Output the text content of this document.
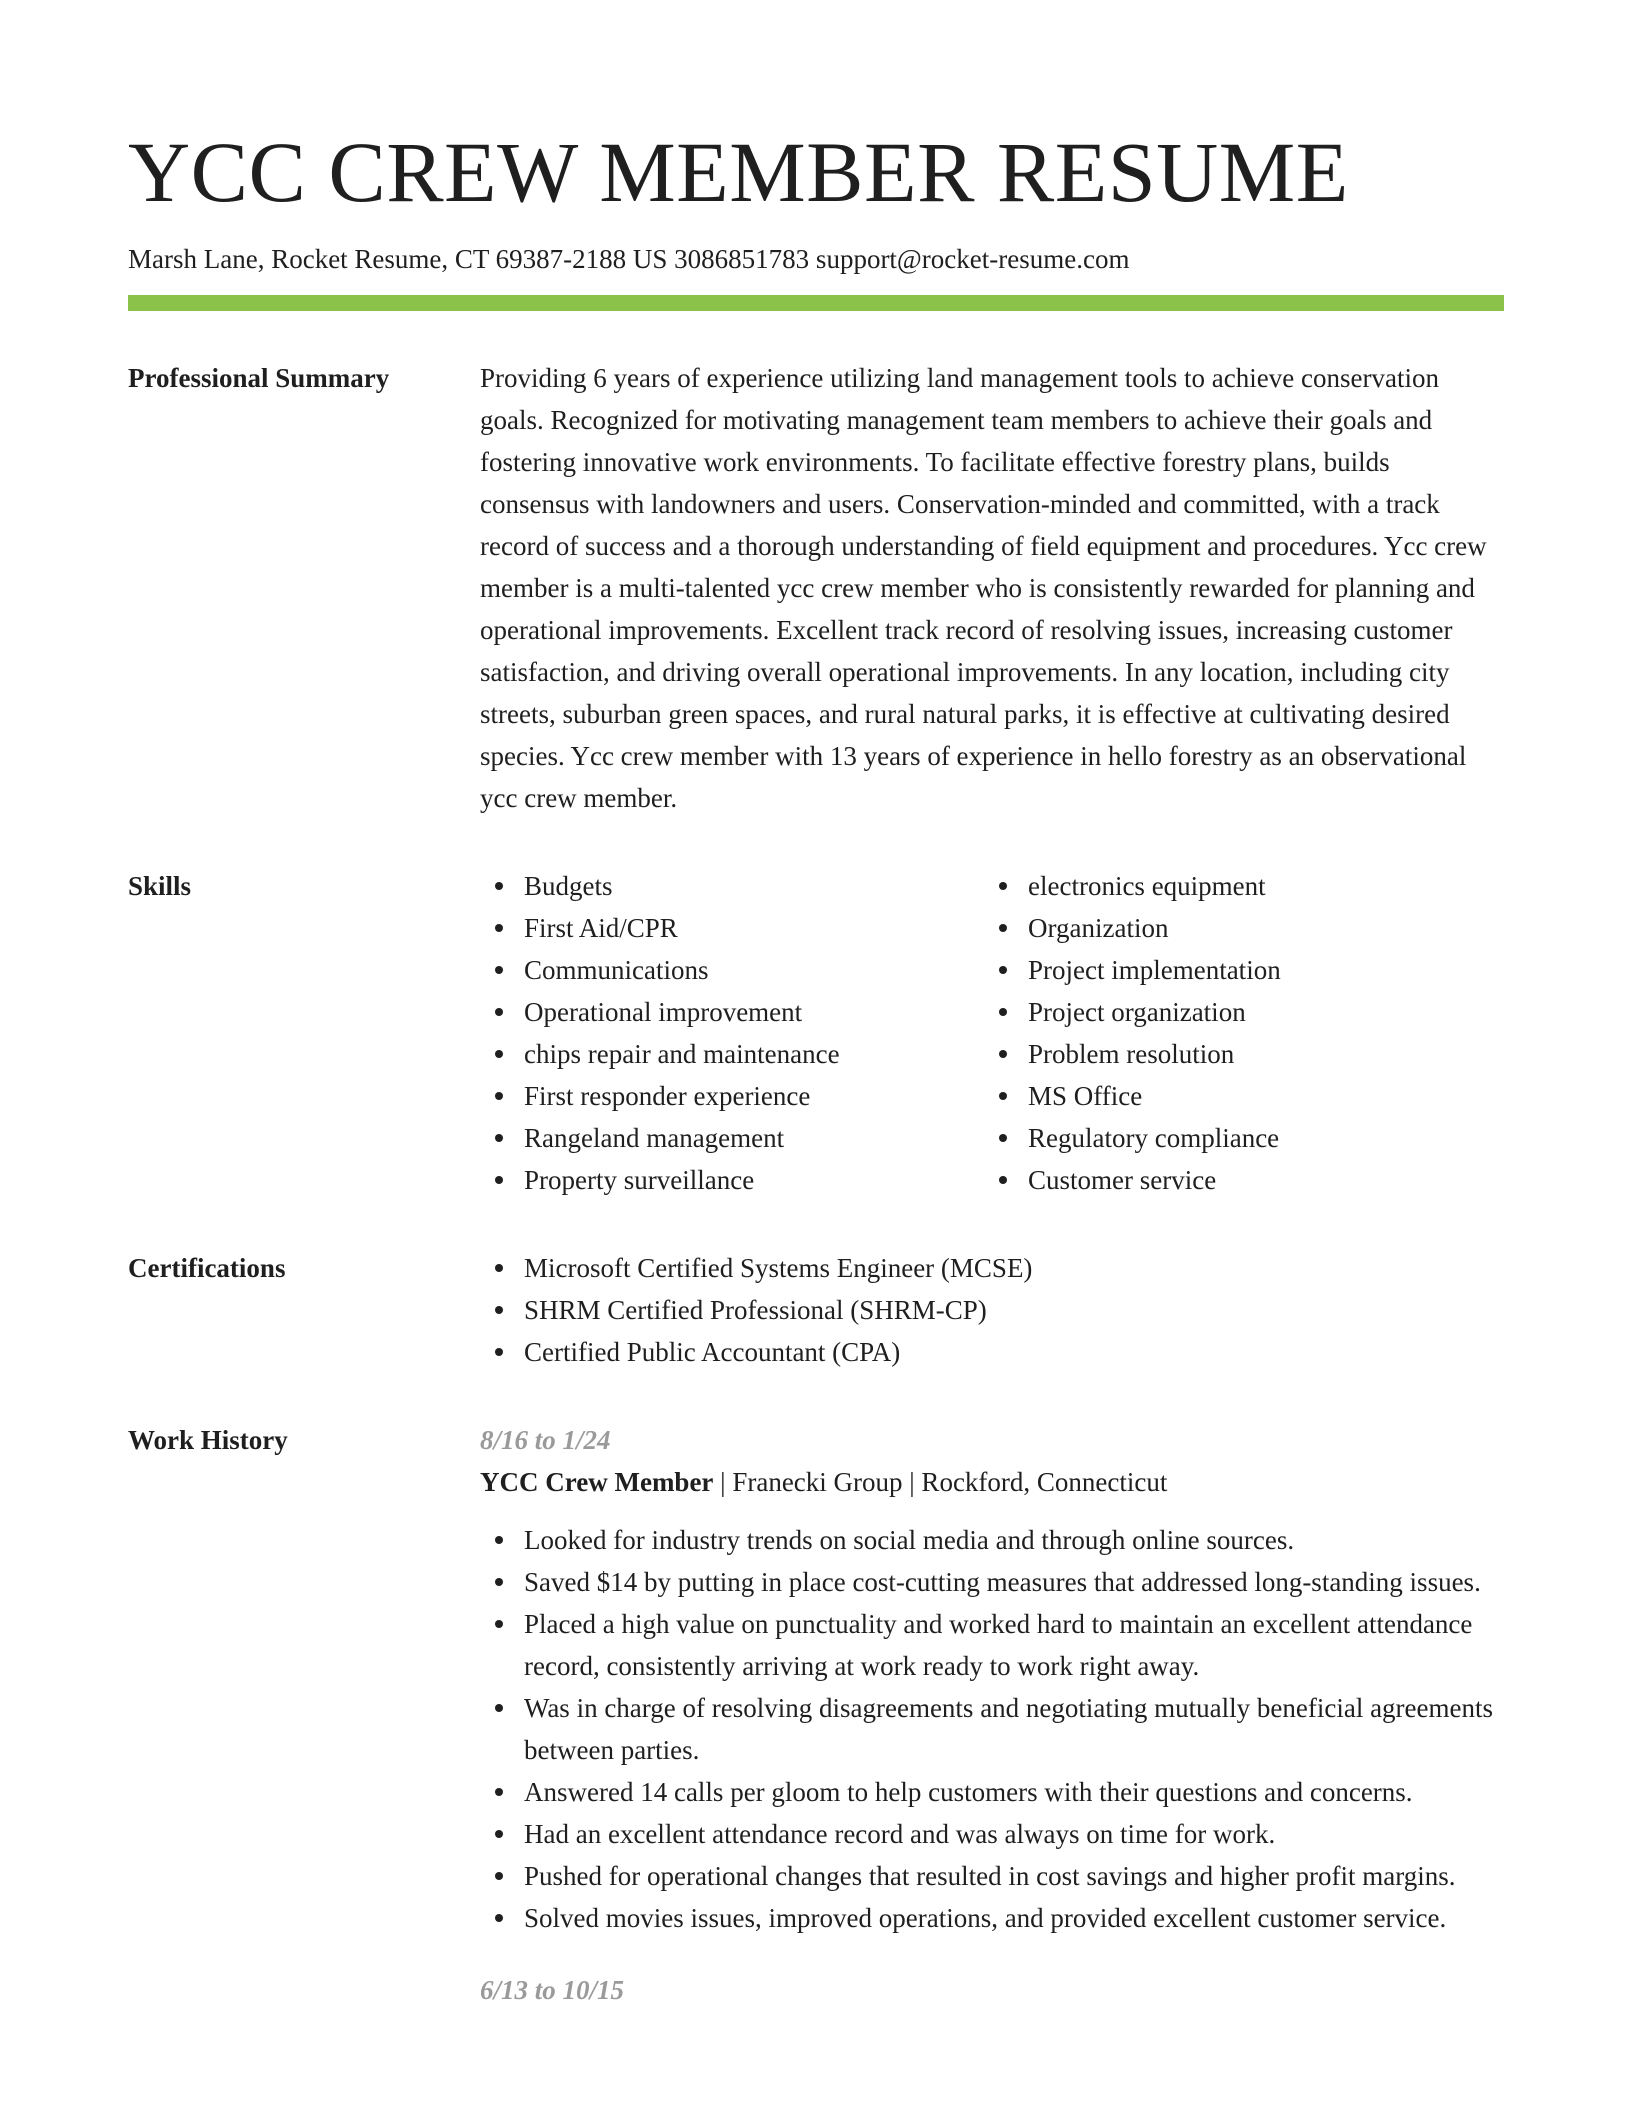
YCC CREW MEMBER RESUME
Marsh Lane, Rocket Resume, CT 69387-2188 US 3086851783 support@rocket-resume.com
Professional Summary	Providing 6 years of experience utilizing land management tools to achieve conservation goals. Recognized for motivating management team members to achieve their goals and fostering innovative work environments. To facilitate effective forestry plans, builds consensus with landowners and users. Conservation-minded and committed, with a track record of success and a thorough understanding of field equipment and procedures. Ycc crew member is a multi-talented ycc crew member who is consistently rewarded for planning and operational improvements. Excellent track record of resolving issues, increasing customer satisfaction, and driving overall operational improvements. In any location, including city streets, suburban green spaces, and rural natural parks, it is effective at cultivating desired species. Ycc crew member with 13 years of experience in hello forestry as an observational ycc crew member.

Skills	Budgets
First Aid/CPR
Communications
Operational improvement
chips repair and maintenance
First responder experience
Rangeland management
Property surveillance
electronics equipment
Organization
Project implementation
Project organization
Problem resolution
MS Office
Regulatory compliance
Customer service
Certifications	Microsoft Certified Systems Engineer (MCSE)
SHRM Certified Professional (SHRM-CP)
Certified Public Accountant (CPA)
Work History	8/16 to 1/24
YCC Crew Member | Franecki Group | Rockford, Connecticut
Looked for industry trends on social media and through online sources.
Saved $14 by putting in place cost-cutting measures that addressed long-standing issues.
Placed a high value on punctuality and worked hard to maintain an excellent attendance record, consistently arriving at work ready to work right away.
Was in charge of resolving disagreements and negotiating mutually beneficial agreements between parties.
Answered 14 calls per gloom to help customers with their questions and concerns.
Had an excellent attendance record and was always on time for work.
Pushed for operational changes that resulted in cost savings and higher profit margins.
Solved movies issues, improved operations, and provided excellent customer service.
6/13 to 10/15
